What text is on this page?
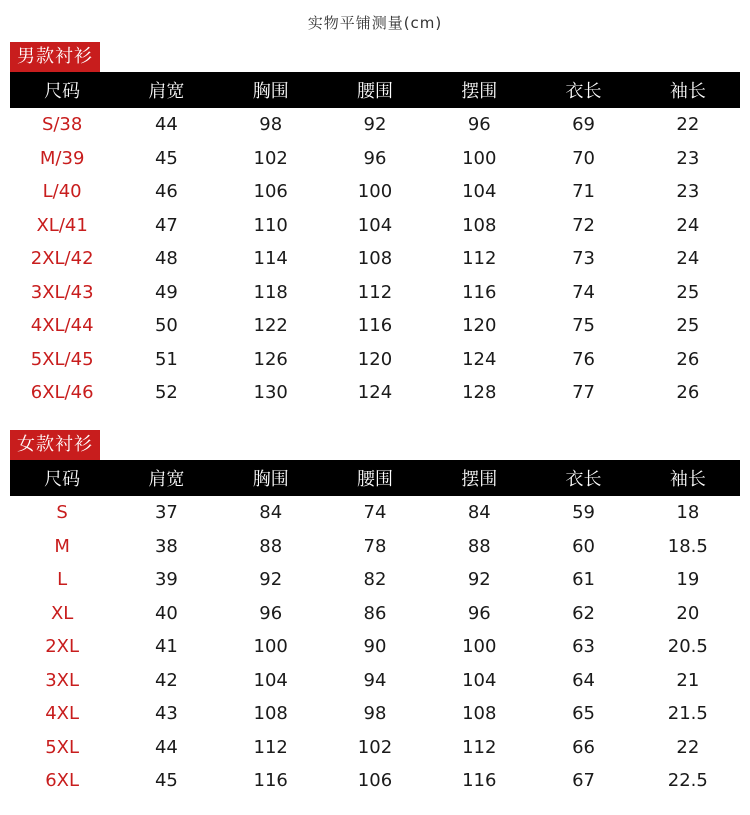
实物平铺测量(cm)
男款衬衫
尺码	肩宽	胸围	腰围	摆围	衣长	袖长
S/38	44	98	92	96	69	22
M/39	45	102	96	100	70	23
L/40	46	106	100	104	71	23
XL/41	47	110	104	108	72	24
2XL/42	48	114	108	112	73	24
3XL/43	49	118	112	116	74	25
4XL/44	50	122	116	120	75	25
5XL/45	51	126	120	124	76	26
6XL/46	52	130	124	128	77	26
女款衬衫
尺码	肩宽	胸围	腰围	摆围	衣长	袖长
S	37	84	74	84	59	18
M	38	88	78	88	60	18.5
L	39	92	82	92	61	19
XL	40	96	86	96	62	20
2XL	41	100	90	100	63	20.5
3XL	42	104	94	104	64	21
4XL	43	108	98	108	65	21.5
5XL	44	112	102	112	66	22
6XL	45	116	106	116	67	22.5
